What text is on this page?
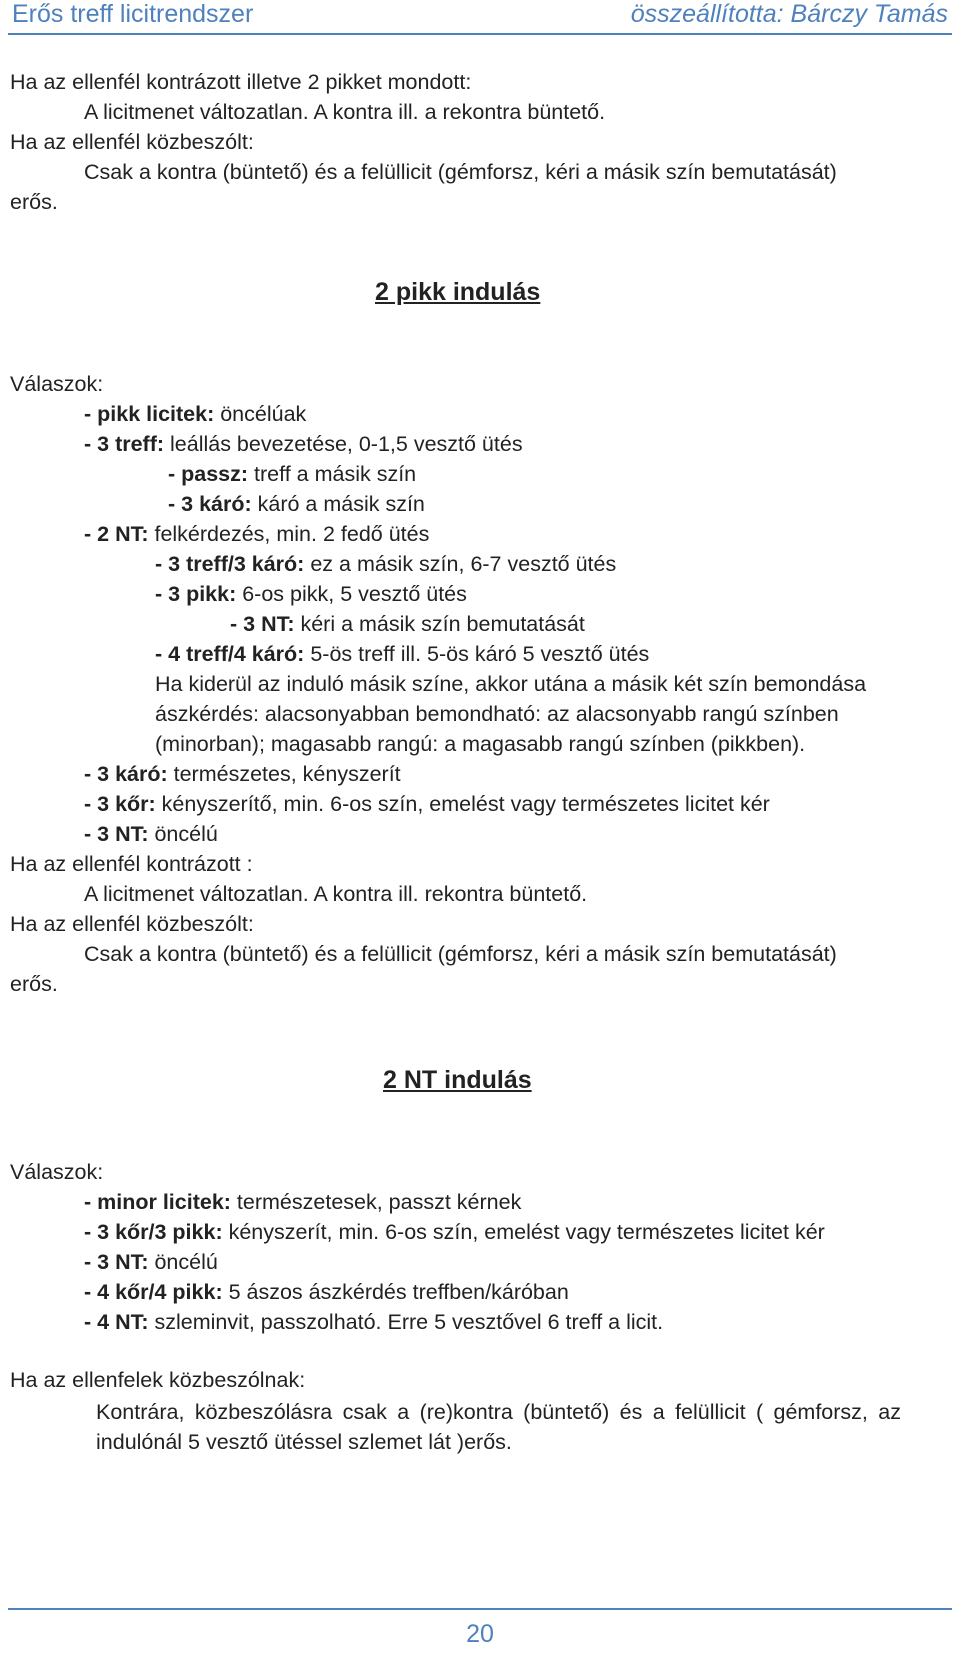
Erős treff licitrendszer	összeállította: Bárczy Tamás
Ha az ellenfél kontrázott illetve 2 pikket mondott:
A licitmenet változatlan. A kontra ill. a rekontra büntető.
Ha az ellenfél közbeszólt:
Csak a kontra (büntető) és a felüllicit (gémforsz, kéri a másik szín bemutatását)
erős.
2 pikk indulás
Válaszok:
- pikk licitek: öncélúak
- 3 treff: leállás bevezetése, 0-1,5 vesztő ütés
- passz: treff a másik szín
- 3 káró: káró a másik szín
- 2 NT: felkérdezés, min. 2 fedő ütés
- 3 treff/3 káró: ez a másik szín, 6-7 vesztő ütés
- 3 pikk: 6-os pikk, 5 vesztő ütés
- 3 NT: kéri a másik szín bemutatását
- 4 treff/4 káró: 5-ös treff ill. 5-ös káró 5 vesztő ütés
Ha kiderül az induló másik színe, akkor utána a másik két szín bemondása
ászkérdés: alacsonyabban bemondható: az alacsonyabb rangú színben
(minorban); magasabb rangú: a magasabb rangú színben (pikkben).
- 3 káró: természetes, kényszerít
- 3 kőr: kényszerítő, min. 6-os szín, emelést vagy természetes licitet kér
- 3 NT: öncélú
Ha az ellenfél kontrázott :
A licitmenet változatlan. A kontra ill. rekontra büntető.
Ha az ellenfél közbeszólt:
Csak a kontra (büntető) és a felüllicit (gémforsz, kéri a másik szín bemutatását)
erős.
2 NT indulás
Válaszok:
- minor licitek: természetesek, passzt kérnek
- 3 kőr/3 pikk: kényszerít, min. 6-os szín, emelést vagy természetes licitet kér
- 3 NT: öncélú
- 4 kőr/4 pikk: 5 ászos ászkérdés treffben/káróban
- 4 NT: szleminvit, passzolható. Erre 5 vesztővel 6 treff a licit.
Ha az ellenfelek közbeszólnak:
Kontrára, közbeszólásra csak a (re)kontra (büntető) és a felüllicit ( gémforsz, az indulónál 5 vesztő ütéssel szlemet lát )erős.
20
